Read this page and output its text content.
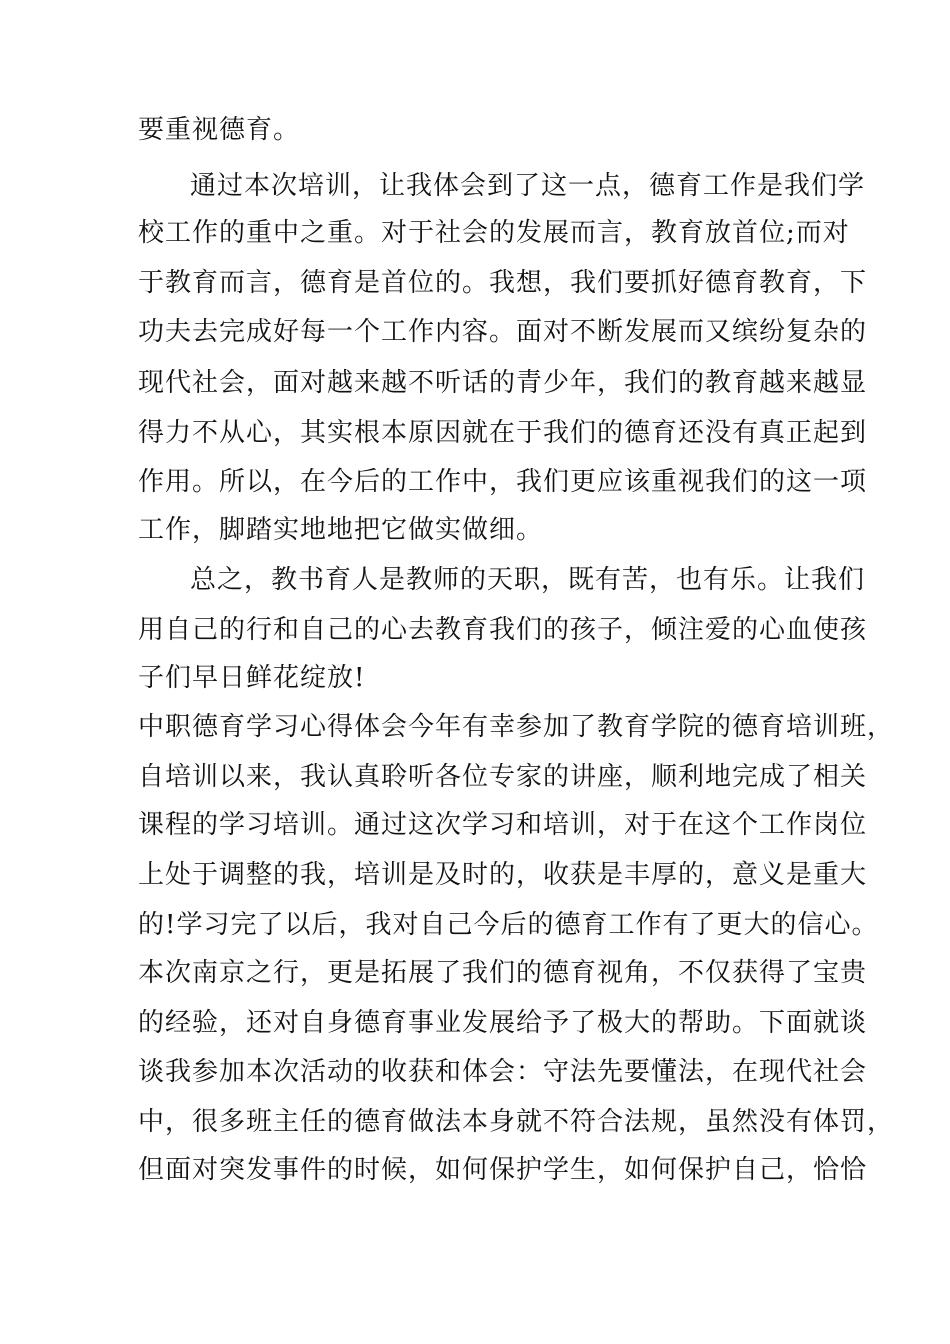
要重视德育。
通过本次培训，让我体会到了这一点，德育工作是我们学
校工作的重中之重。对于社会的发展而言，教育放首位;而对
于教育而言，德育是首位的。我想，我们要抓好德育教育，下
功夫去完成好每一个工作内容。面对不断发展而又缤纷复杂的
现代社会，面对越来越不听话的青少年，我们的教育越来越显
得力不从心，其实根本原因就在于我们的德育还没有真正起到
作用。所以，在今后的工作中，我们更应该重视我们的这一项
工作，脚踏实地地把它做实做细。
总之，教书育人是教师的天职，既有苦，也有乐。让我们
用自己的行和自己的心去教育我们的孩子，倾注爱的心血使孩
子们早日鲜花绽放!
中职德育学习心得体会今年有幸参加了教育学院的德育培训班，
自培训以来，我认真聆听各位专家的讲座，顺利地完成了相关
课程的学习培训。通过这次学习和培训，对于在这个工作岗位
上处于调整的我，培训是及时的，收获是丰厚的，意义是重大
的!学习完了以后，我对自己今后的德育工作有了更大的信心。
本次南京之行，更是拓展了我们的德育视角，不仅获得了宝贵
的经验，还对自身德育事业发展给予了极大的帮助。下面就谈
谈我参加本次活动的收获和体会：守法先要懂法，在现代社会
中，很多班主任的德育做法本身就不符合法规，虽然没有体罚，
但面对突发事件的时候，如何保护学生，如何保护自己，恰恰
